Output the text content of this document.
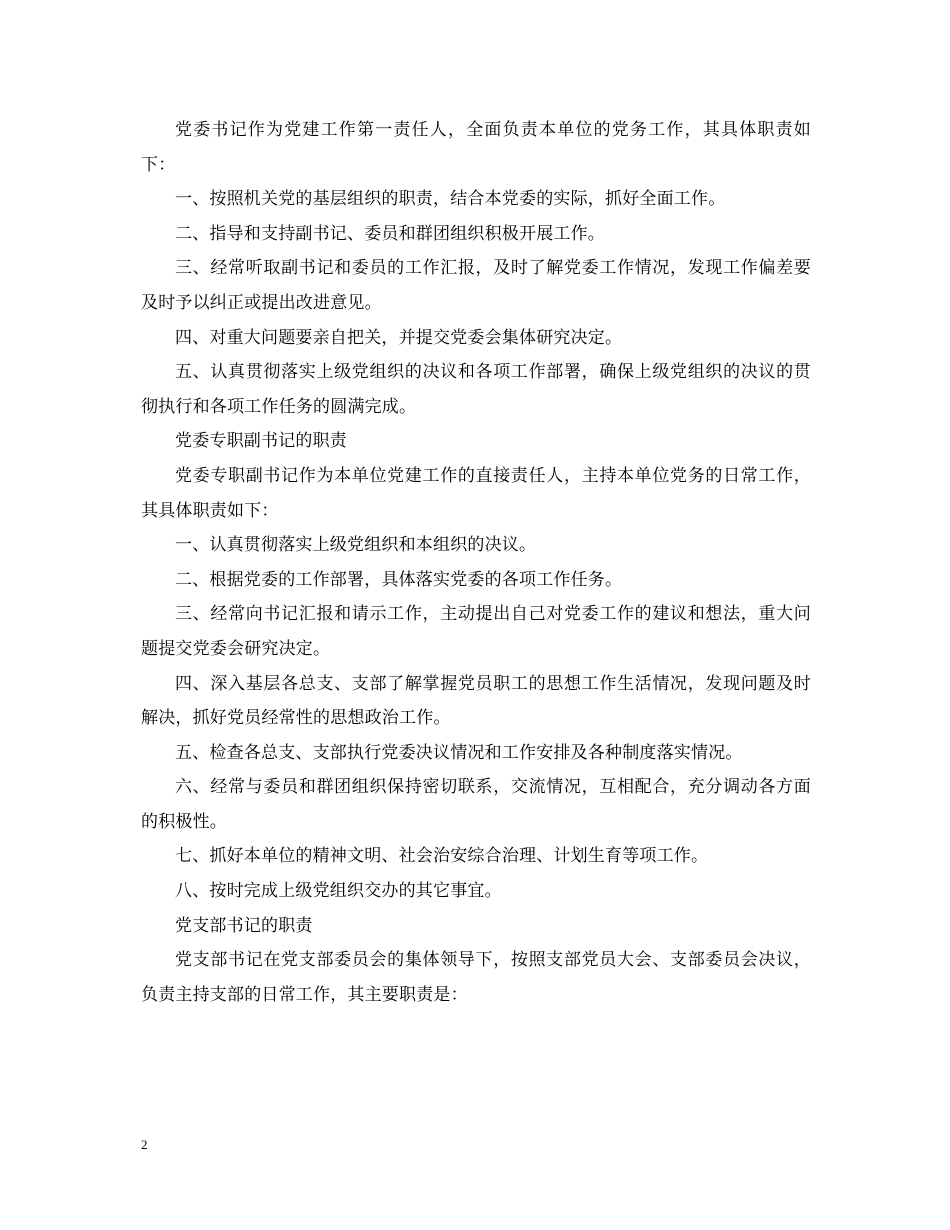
党委书记作为党建工作第一责任人，全面负责本单位的党务工作，其具体职责如下：

一、按照机关党的基层组织的职责，结合本党委的实际，抓好全面工作。

二、指导和支持副书记、委员和群团组织积极开展工作。

三、经常听取副书记和委员的工作汇报，及时了解党委工作情况，发现工作偏差要及时予以纠正或提出改进意见。

四、对重大问题要亲自把关，并提交党委会集体研究决定。

五、认真贯彻落实上级党组织的决议和各项工作部署，确保上级党组织的决议的贯彻执行和各项工作任务的圆满完成。

党委专职副书记的职责

党委专职副书记作为本单位党建工作的直接责任人，主持本单位党务的日常工作，其具体职责如下：

一、认真贯彻落实上级党组织和本组织的决议。

二、根据党委的工作部署，具体落实党委的各项工作任务。

三、经常向书记汇报和请示工作，主动提出自己对党委工作的建议和想法，重大问题提交党委会研究决定。

四、深入基层各总支、支部了解掌握党员职工的思想工作生活情况，发现问题及时解决，抓好党员经常性的思想政治工作。

五、检查各总支、支部执行党委决议情况和工作安排及各种制度落实情况。

六、经常与委员和群团组织保持密切联系，交流情况，互相配合，充分调动各方面的积极性。

七、抓好本单位的精神文明、社会治安综合治理、计划生育等项工作。

八、按时完成上级党组织交办的其它事宜。

党支部书记的职责

党支部书记在党支部委员会的集体领导下，按照支部党员大会、支部委员会决议，负责主持支部的日常工作，其主要职责是：

2
